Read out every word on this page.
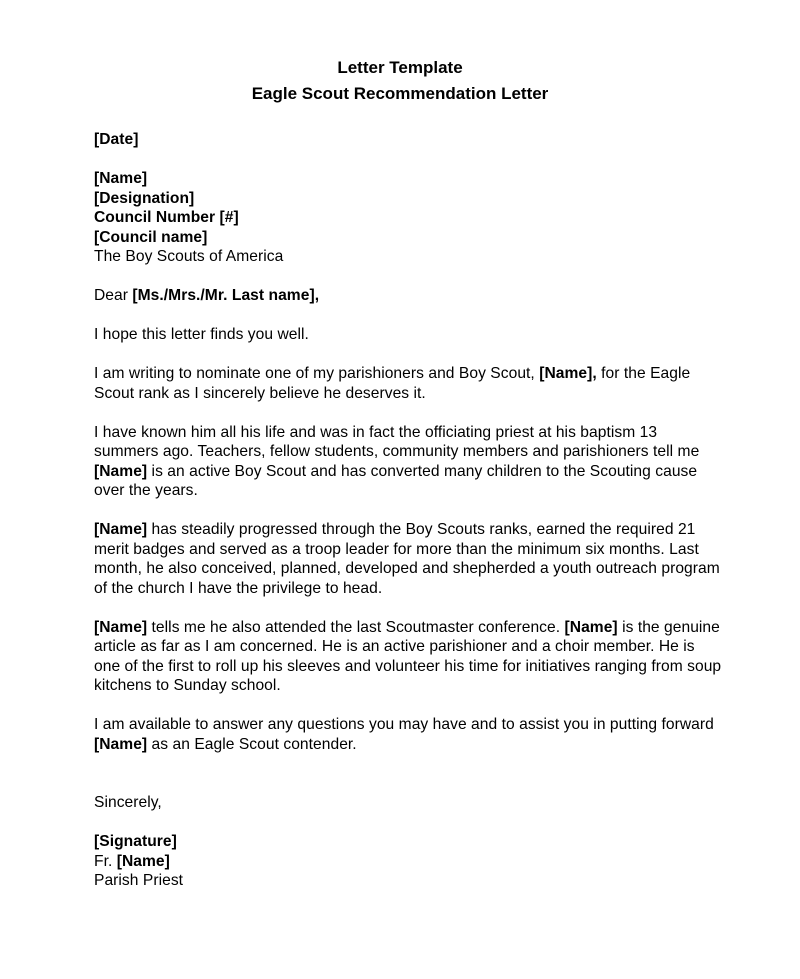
Letter Template
Eagle Scout Recommendation Letter

[Date]

[Name]

[Designation]

Council Number [#]

[Council name]

The Boy Scouts of America

Dear [Ms./Mrs./Mr. Last name],

I hope this letter finds you well.

I am writing to nominate one of my parishioners and Boy Scout, [Name], for the Eagle Scout rank as I sincerely believe he deserves it.

I have known him all his life and was in fact the officiating priest at his baptism 13 summers ago. Teachers, fellow students, community members and parishioners tell me [Name] is an active Boy Scout and has converted many children to the Scouting cause over the years.

[Name] has steadily progressed through the Boy Scouts ranks, earned the required 21 merit badges and served as a troop leader for more than the minimum six months. Last month, he also conceived, planned, developed and shepherded a youth outreach program of the church I have the privilege to head.

[Name] tells me he also attended the last Scoutmaster conference. [Name] is the genuine article as far as I am concerned. He is an active parishioner and a choir member. He is one of the first to roll up his sleeves and volunteer his time for initiatives ranging from soup kitchens to Sunday school.

I am available to answer any questions you may have and to assist you in putting forward [Name] as an Eagle Scout contender.

Sincerely,

[Signature]

Fr. [Name]

Parish Priest
